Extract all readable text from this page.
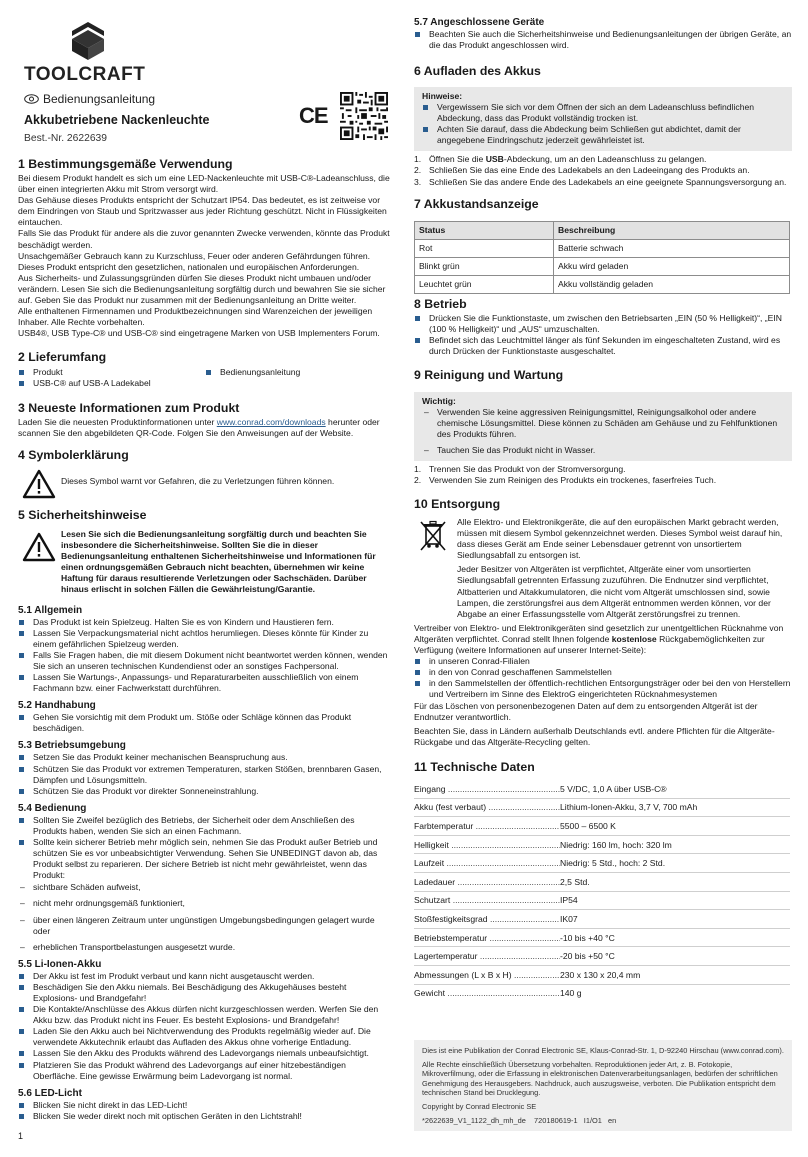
TOOLCRAFT
Bedienungsanleitung
Akkubetriebene Nackenleuchte
Best.-Nr. 2622639
CE
1 Bestimmungsgemäße Verwendung

Bei diesem Produkt handelt es sich um eine LED-Nackenleuchte mit USB-C®-Ladeanschluss, die über einen integrierten Akku mit Strom versorgt wird.

Das Gehäuse dieses Produkts entspricht der Schutzart IP54. Das bedeutet, es ist zeitweise vor dem Eindringen von Staub und Spritzwasser aus jeder Richtung geschützt. Nicht in Flüssigkeiten eintauchen.

Falls Sie das Produkt für andere als die zuvor genannten Zwecke verwenden, könnte das Produkt beschädigt werden.

Unsachgemäßer Gebrauch kann zu Kurzschluss, Feuer oder anderen Gefährdungen führen.

Dieses Produkt entspricht den gesetzlichen, nationalen und europäischen Anforderungen.

Aus Sicherheits- und Zulassungsgründen dürfen Sie dieses Produkt nicht umbauen und/oder verändern. Lesen Sie sich die Bedienungsanleitung sorgfältig durch und bewahren Sie sie sicher auf. Geben Sie das Produkt nur zusammen mit der Bedienungsanleitung an Dritte weiter.

Alle enthaltenen Firmennamen und Produktbezeichnungen sind Warenzeichen der jeweiligen Inhaber. Alle Rechte vorbehalten.

USB4®, USB Type-C® und USB-C® sind eingetragene Marken von USB Implementers Forum.

2 Lieferumfang
Produkt
USB-C® auf USB-A Ladekabel
Bedienungsanleitung
3 Neueste Informationen zum Produkt

Laden Sie die neuesten Produktinformationen unter www.conrad.com/downloads herunter oder scannen Sie den abgebildeten QR-Code. Folgen Sie den Anweisungen auf der Website.

4 Symbolerklärung

Dieses Symbol warnt vor Gefahren, die zu Verletzungen führen können.

5 Sicherheitshinweise

Lesen Sie sich die Bedienungsanleitung sorgfältig durch und beachten Sie insbesondere die Sicherheitshinweise. Sollten Sie die in dieser Bedienungsanleitung enthaltenen Sicherheitshinweise und Informationen für einen ordnungsgemäßen Gebrauch nicht beachten, übernehmen wir keine Haftung für daraus resultierende Verletzungen oder Sachschäden. Darüber hinaus erlischt in solchen Fällen die Gewährleistung/Garantie.

5.1 Allgemein
Das Produkt ist kein Spielzeug. Halten Sie es von Kindern und Haustieren fern.
Lassen Sie Verpackungsmaterial nicht achtlos herumliegen. Dieses könnte für Kinder zu einem gefährlichen Spielzeug werden.
Falls Sie Fragen haben, die mit diesem Dokument nicht beantwortet werden können, wenden Sie sich an unseren technischen Kundendienst oder an sonstiges Fachpersonal.
Lassen Sie Wartungs-, Anpassungs- und Reparaturarbeiten ausschließlich von einem Fachmann bzw. einer Fachwerkstatt durchführen.
5.2 Handhabung
Gehen Sie vorsichtig mit dem Produkt um. Stöße oder Schläge können das Produkt beschädigen.
5.3 Betriebsumgebung
Setzen Sie das Produkt keiner mechanischen Beanspruchung aus.
Schützen Sie das Produkt vor extremen Temperaturen, starken Stößen, brennbaren Gasen, Dämpfen und Lösungsmitteln.
Schützen Sie das Produkt vor direkter Sonneneinstrahlung.
5.4 Bedienung
Sollten Sie Zweifel bezüglich des Betriebs, der Sicherheit oder dem Anschließen des Produkts haben, wenden Sie sich an einen Fachmann.
Sollte kein sicherer Betrieb mehr möglich sein, nehmen Sie das Produkt außer Betrieb und schützen Sie es vor unbeabsichtigter Verwendung. Sehen Sie UNBEDINGT davon ab, das Produkt selbst zu reparieren. Der sichere Betrieb ist nicht mehr gewährleistet, wenn das Produkt:
– sichtbare Schäden aufweist,
– nicht mehr ordnungsgemäß funktioniert,
– über einen längeren Zeitraum unter ungünstigen Umgebungsbedingungen gelagert wurde oder
– erheblichen Transportbelastungen ausgesetzt wurde.
5.5 Li-Ionen-Akku
Der Akku ist fest im Produkt verbaut und kann nicht ausgetauscht werden.
Beschädigen Sie den Akku niemals. Bei Beschädigung des Akkugehäuses besteht Explosions- und Brandgefahr!
Die Kontakte/Anschlüsse des Akkus dürfen nicht kurzgeschlossen werden. Werfen Sie den Akku bzw. das Produkt nicht ins Feuer. Es besteht Explosions- und Brandgefahr!
Laden Sie den Akku auch bei Nichtverwendung des Produkts regelmäßig wieder auf. Die verwendete Akkutechnik erlaubt das Aufladen des Akkus ohne vorherige Entladung.
Lassen Sie den Akku des Produkts während des Ladevorgangs niemals unbeaufsichtigt.
Platzieren Sie das Produkt während des Ladevorgangs auf einer hitzebeständigen Oberfläche. Eine gewisse Erwärmung beim Ladevorgang ist normal.
5.6 LED-Licht
Blicken Sie nicht direkt in das LED-Licht!
Blicken Sie weder direkt noch mit optischen Geräten in den Lichtstrahl!
1
5.7 Angeschlossene Geräte
Beachten Sie auch die Sicherheitshinweise und Bedienungsanleitungen der übrigen Geräte, an die das Produkt angeschlossen wird.
6 Aufladen des Akkus
Hinweise:
Vergewissern Sie sich vor dem Öffnen der sich an dem Ladeanschluss befindlichen Abdeckung, dass das Produkt vollständig trocken ist.
Achten Sie darauf, dass die Abdeckung beim Schließen gut abdichtet, damit der angegebene Eindringschutz jederzeit gewährleistet ist.
1. Öffnen Sie die USB-Abdeckung, um an den Ladeanschluss zu gelangen.
2. Schließen Sie das eine Ende des Ladekabels an den Ladeeingang des Produkts an.
3. Schließen Sie das andere Ende des Ladekabels an eine geeignete Spannungsversorgung an.
7 Akkustandsanzeige
Status	Beschreibung
Rot	Batterie schwach
Blinkt grün	Akku wird geladen
Leuchtet grün	Akku vollständig geladen
8 Betrieb
Drücken Sie die Funktionstaste, um zwischen den Betriebsarten „EIN (50 % Helligkeit)“, „EIN (100 % Helligkeit)“ und „AUS“ umzuschalten.
Befindet sich das Leuchtmittel länger als fünf Sekunden im eingeschalteten Zustand, wird es durch Drücken der Funktionstaste ausgeschaltet.
9 Reinigung und Wartung
Wichtig:
– Verwenden Sie keine aggressiven Reinigungsmittel, Reinigungsalkohol oder andere chemische Lösungsmittel. Diese können zu Schäden am Gehäuse und zu Fehlfunktionen des Produkts führen.
– Tauchen Sie das Produkt nicht in Wasser.
1. Trennen Sie das Produkt von der Stromversorgung.
2. Verwenden Sie zum Reinigen des Produkts ein trockenes, faserfreies Tuch.
10 Entsorgung

Alle Elektro- und Elektronikgeräte, die auf den europäischen Markt gebracht werden, müssen mit diesem Symbol gekennzeichnet werden. Dieses Symbol weist darauf hin, dass dieses Gerät am Ende seiner Lebensdauer getrennt von unsortiertem Siedlungsabfall zu entsorgen ist.

Jeder Besitzer von Altgeräten ist verpflichtet, Altgeräte einer vom unsortierten Siedlungsabfall getrennten Erfassung zuzuführen. Die Endnutzer sind verpflichtet, Altbatterien und Altakkumulatoren, die nicht vom Altgerät umschlossen sind, sowie Lampen, die zerstörungsfrei aus dem Altgerät entnommen werden können, vor der Abgabe an einer Erfassungsstelle vom Altgerät zerstörungsfrei zu trennen.

Vertreiber von Elektro- und Elektronikgeräten sind gesetzlich zur unentgeltlichen Rücknahme von Altgeräten verpflichtet. Conrad stellt Ihnen folgende kostenlose Rückgabemöglichkeiten zur Verfügung (weitere Informationen auf unserer Internet-Seite):

in unseren Conrad-Filialen
in den von Conrad geschaffenen Sammelstellen
in den Sammelstellen der öffentlich-rechtlichen Entsorgungsträger oder bei den von Herstellern und Vertreibern im Sinne des ElektroG eingerichteten Rücknahmesystemen

Für das Löschen von personenbezogenen Daten auf dem zu entsorgenden Altgerät ist der Endnutzer verantwortlich.

Beachten Sie, dass in Ländern außerhalb Deutschlands evtl. andere Pflichten für die Altgeräte-Rückgabe und das Altgeräte-Recycling gelten.

11 Technische Daten
Eingang .....	5 V/DC, 1,0 A über USB-C®
Akku (fest verbaut) .....	Lithium-Ionen-Akku, 3,7 V, 700 mAh
Farbtemperatur .....	5500 – 6500 K
Helligkeit .....	Niedrig: 160 lm, hoch: 320 lm
Laufzeit .....	Niedrig: 5 Std., hoch: 2 Std.
Ladedauer .....	2,5 Std.
Schutzart .....	IP54
Stoßfestigkeitsgrad .....	IK07
Betriebstemperatur .....	-10 bis +40 °C
Lagertemperatur .....	-20 bis +50 °C
Abmessungen (L x B x H) .....	230 x 130 x 20,4 mm
Gewicht .....	140 g
Dies ist eine Publikation der Conrad Electronic SE, Klaus-Conrad-Str. 1, D-92240 Hirschau (www.conrad.com).
Alle Rechte einschließlich Übersetzung vorbehalten. Reproduktionen jeder Art, z. B. Fotokopie, Mikroverfilmung, oder die Erfassung in elektronischen Datenverarbeitungsanlagen, bedürfen der schriftlichen Genehmigung des Herausgebers. Nachdruck, auch auszugsweise, verboten. Die Publikation entspricht dem technischen Stand bei Drucklegung.
Copyright by Conrad Electronic SE
*2622639_V1_1122_dh_mh_de    720180619-1   I1/O1   en
